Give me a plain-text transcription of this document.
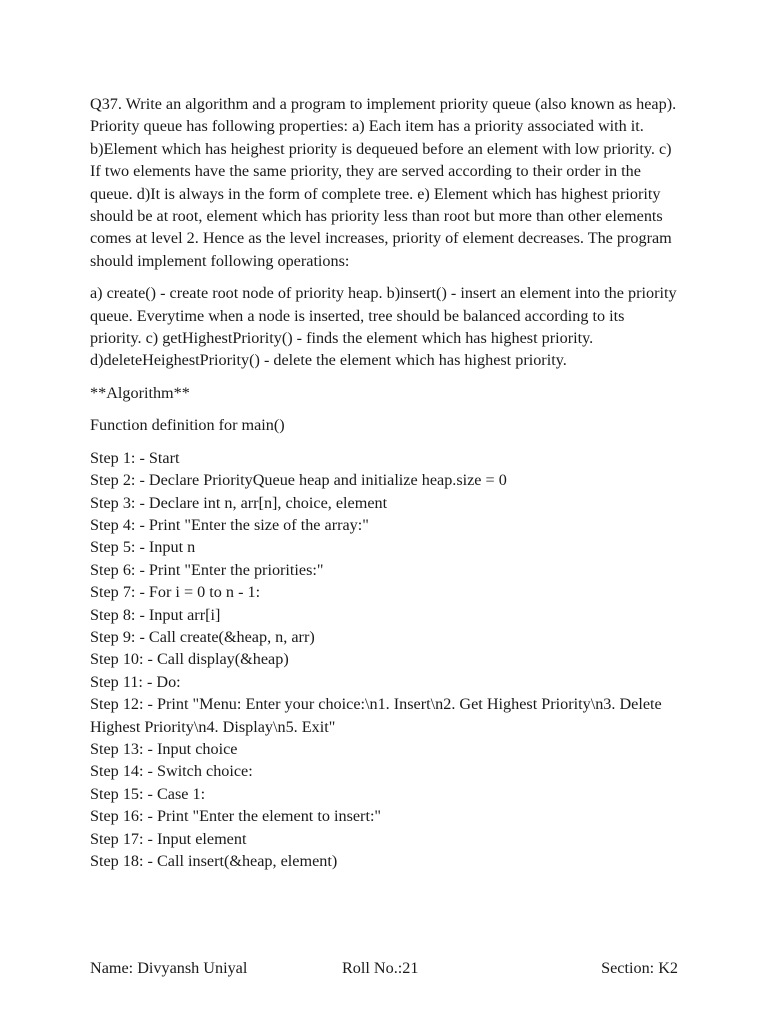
Q37. Write an algorithm and a program to implement priority queue (also known as heap). Priority queue has following properties: a) Each item has a priority associated with it. b)Element which has heighest priority is dequeued before an element with low priority. c) If two elements have the same priority, they are served according to their order in the queue. d)It is always in the form of complete tree. e) Element which has highest priority should be at root, element which has priority less than root but more than other elements comes at level 2. Hence as the level increases, priority of element decreases. The program should implement following operations:

a) create() - create root node of priority heap. b)insert() - insert an element into the priority queue. Everytime when a node is inserted, tree should be balanced according to its priority. c) getHighestPriority() - finds the element which has highest priority. d)deleteHeighestPriority() - delete the element which has highest priority.

**Algorithm**

Function definition for main()

Step 1: - Start
Step 2: - Declare PriorityQueue heap and initialize heap.size = 0
Step 3: - Declare int n, arr[n], choice, element
Step 4: - Print "Enter the size of the array:"
Step 5: - Input n
Step 6: - Print "Enter the priorities:"
Step 7: - For i = 0 to n - 1:
Step 8: - Input arr[i]
Step 9: - Call create(&heap, n, arr)
Step 10: - Call display(&heap)
Step 11: - Do:
Step 12: - Print "Menu: Enter your choice:\n1. Insert\n2. Get Highest Priority\n3. Delete Highest Priority\n4. Display\n5. Exit"
Step 13: - Input choice
Step 14: - Switch choice:
Step 15: - Case 1:
Step 16: - Print "Enter the element to insert:"
Step 17: - Input element
Step 18: - Call insert(&heap, element)
Name: Divyansh Uniyal	Roll No.:21	Section: K2
